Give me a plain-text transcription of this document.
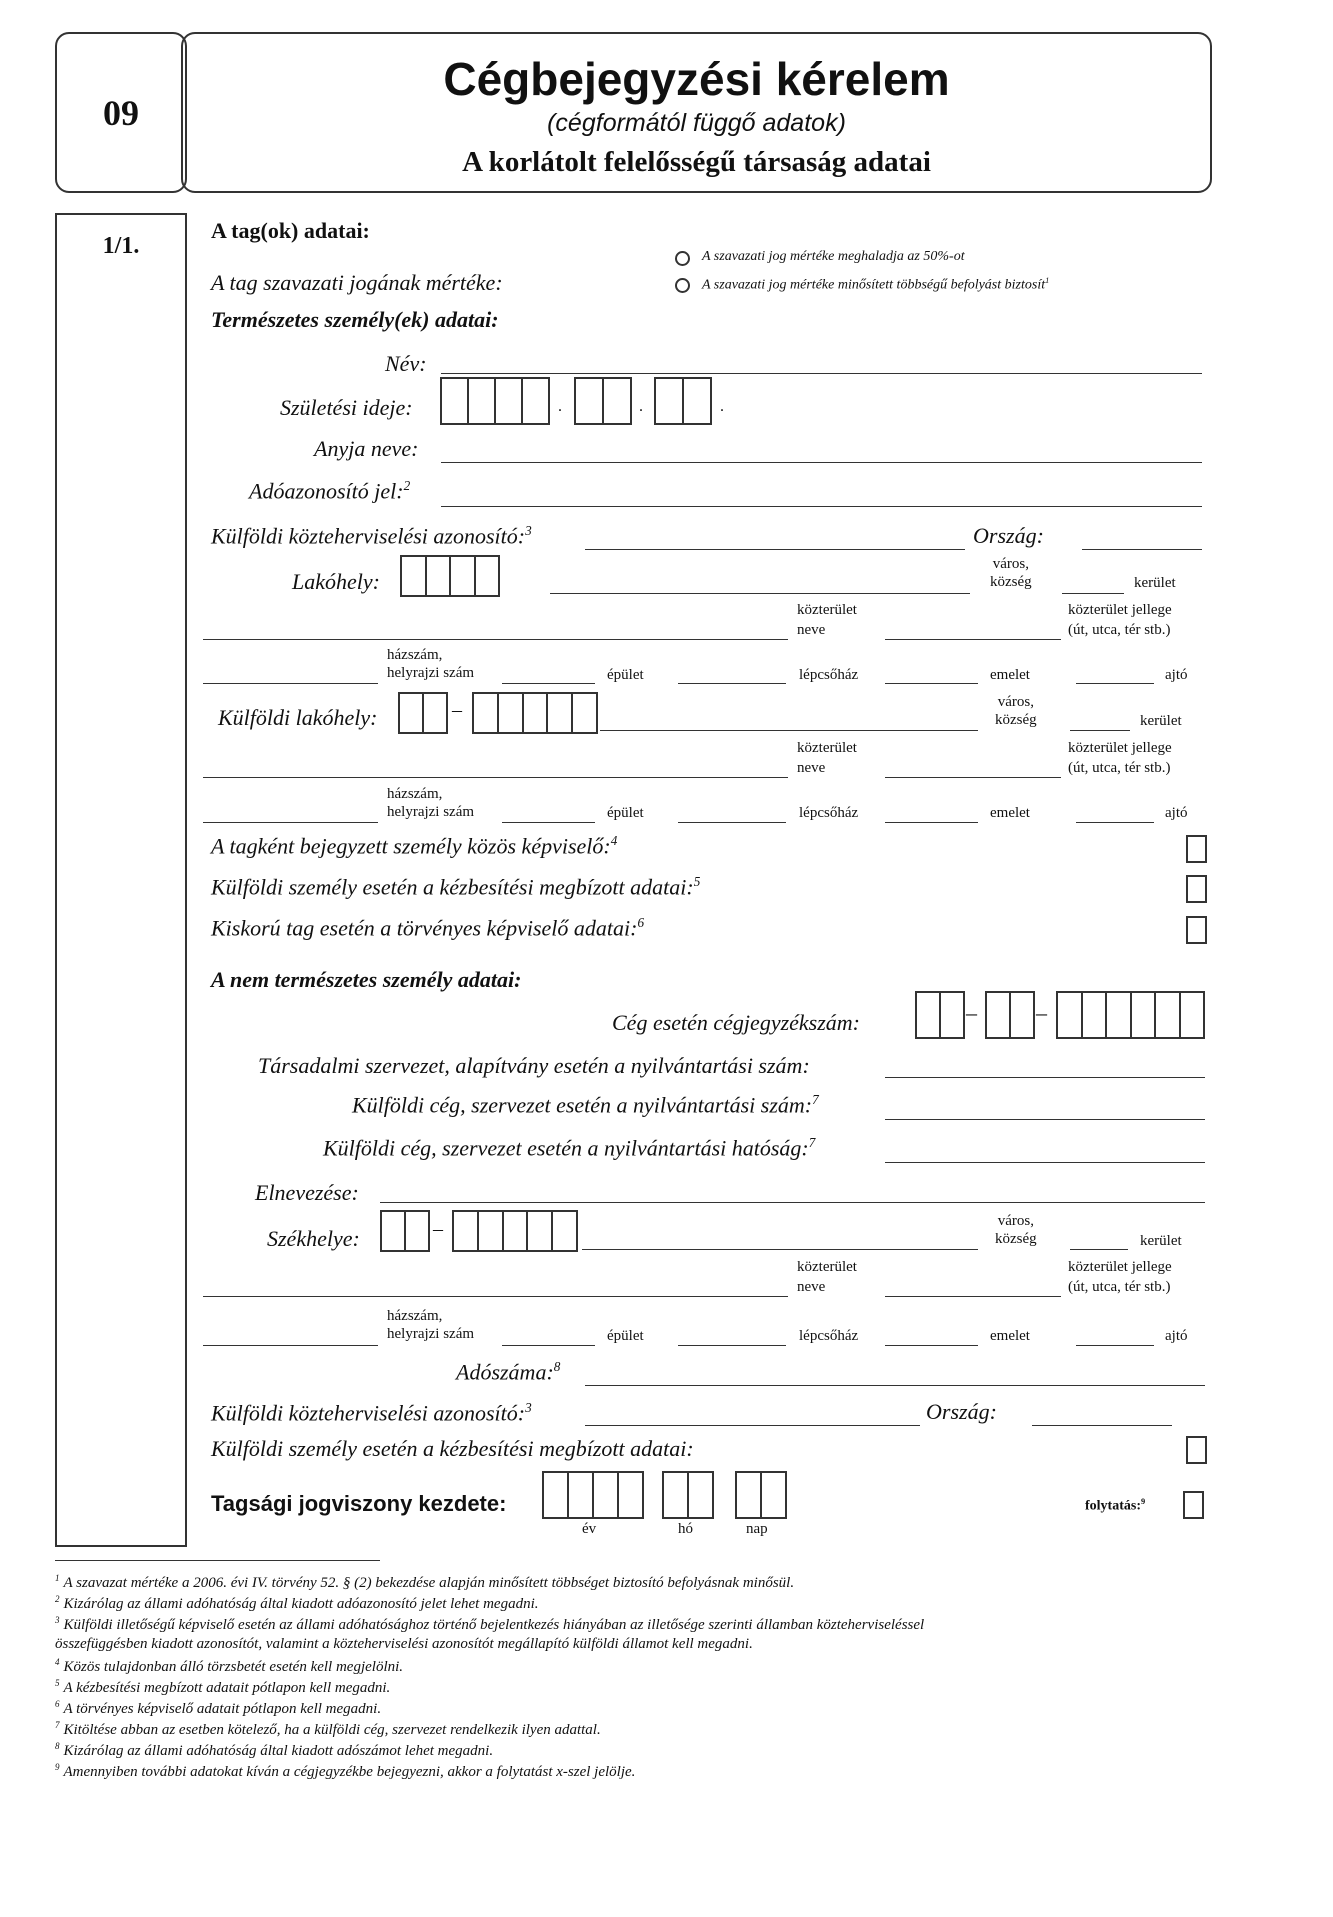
09
Cégbejegyzési kérelem
(cégformától függő adatok)
A korlátolt felelősségű társaság adatai
1/1.
A tag(ok) adatai:
A tag szavazati jogának mértéke:
A szavazati jog mértéke meghaladja az 50%-ot
A szavazati jog mértéke minősített többségű befolyást biztosít$^1$
Természetes személy(ek) adatai:
Név:
Születési ideje:	.	.	.
Anyja neve:
Adóazonosító jel:$^2$
Külföldi közteherviselési azonosító:$^3$	Ország:
Lakóhely:
város,
község	kerület
közterület
neve
közterület jellege
(út, utca, tér stb.)
házszám,
helyrajzi szám	épület	lépcsőház	emelet	ajtó
Külföldi lakóhely:	–	város,
község	kerület
közterület
neve
közterület jellege
(út, utca, tér stb.)
házszám,
helyrajzi szám	épület	lépcsőház	emelet	ajtó
A tagként bejegyzett személy közös képviselő:$^4$
Külföldi személy esetén a kézbesítési megbízott adatai:$^5$
Kiskorú tag esetén a törvényes képviselő adatai:$^6$
A nem természetes személy adatai:
Cég esetén cégjegyzékszám:	–	–
Társadalmi szervezet, alapítvány esetén a nyilvántartási szám:
Külföldi cég, szervezet esetén a nyilvántartási szám:$^7$
Külföldi cég, szervezet esetén a nyilvántartási hatóság:$^7$
Elnevezése:
Székhelye:	–	város,
község	kerület
közterület
neve
közterület jellege
(út, utca, tér stb.)
házszám,
helyrajzi szám	épület	lépcsőház	emelet	ajtó
Adószáma:$^8$
Külföldi közteherviselési azonosító:$^3$	Ország:
Külföldi személy esetén a kézbesítési megbízott adatai:
Tagsági jogviszony kezdete:
év	hó	nap
folytatás:$^9$
$^1$ A szavazat mértéke a 2006. évi IV. törvény 52. § (2) bekezdése alapján minősített többséget biztosító befolyásnak minősül.
$^2$ Kizárólag az állami adóhatóság által kiadott adóazonosító jelet lehet megadni.
$^3$ Külföldi illetőségű képviselő esetén az állami adóhatósághoz történő bejelentkezés hiányában az illetősége szerinti államban közteherviseléssel
összefüggésben kiadott azonosítót, valamint a közteherviselési azonosítót megállapító külföldi államot kell megadni.
$^4$ Közös tulajdonban álló törzsbetét esetén kell megjelölni.
$^5$ A kézbesítési megbízott adatait pótlapon kell megadni.
$^6$ A törvényes képviselő adatait pótlapon kell megadni.
$^7$ Kitöltése abban az esetben kötelező, ha a külföldi cég, szervezet rendelkezik ilyen adattal.
$^8$ Kizárólag az állami adóhatóság által kiadott adószámot lehet megadni.
$^9$ Amennyiben további adatokat kíván a cégjegyzékbe bejegyezni, akkor a folytatást x-szel jelölje.
